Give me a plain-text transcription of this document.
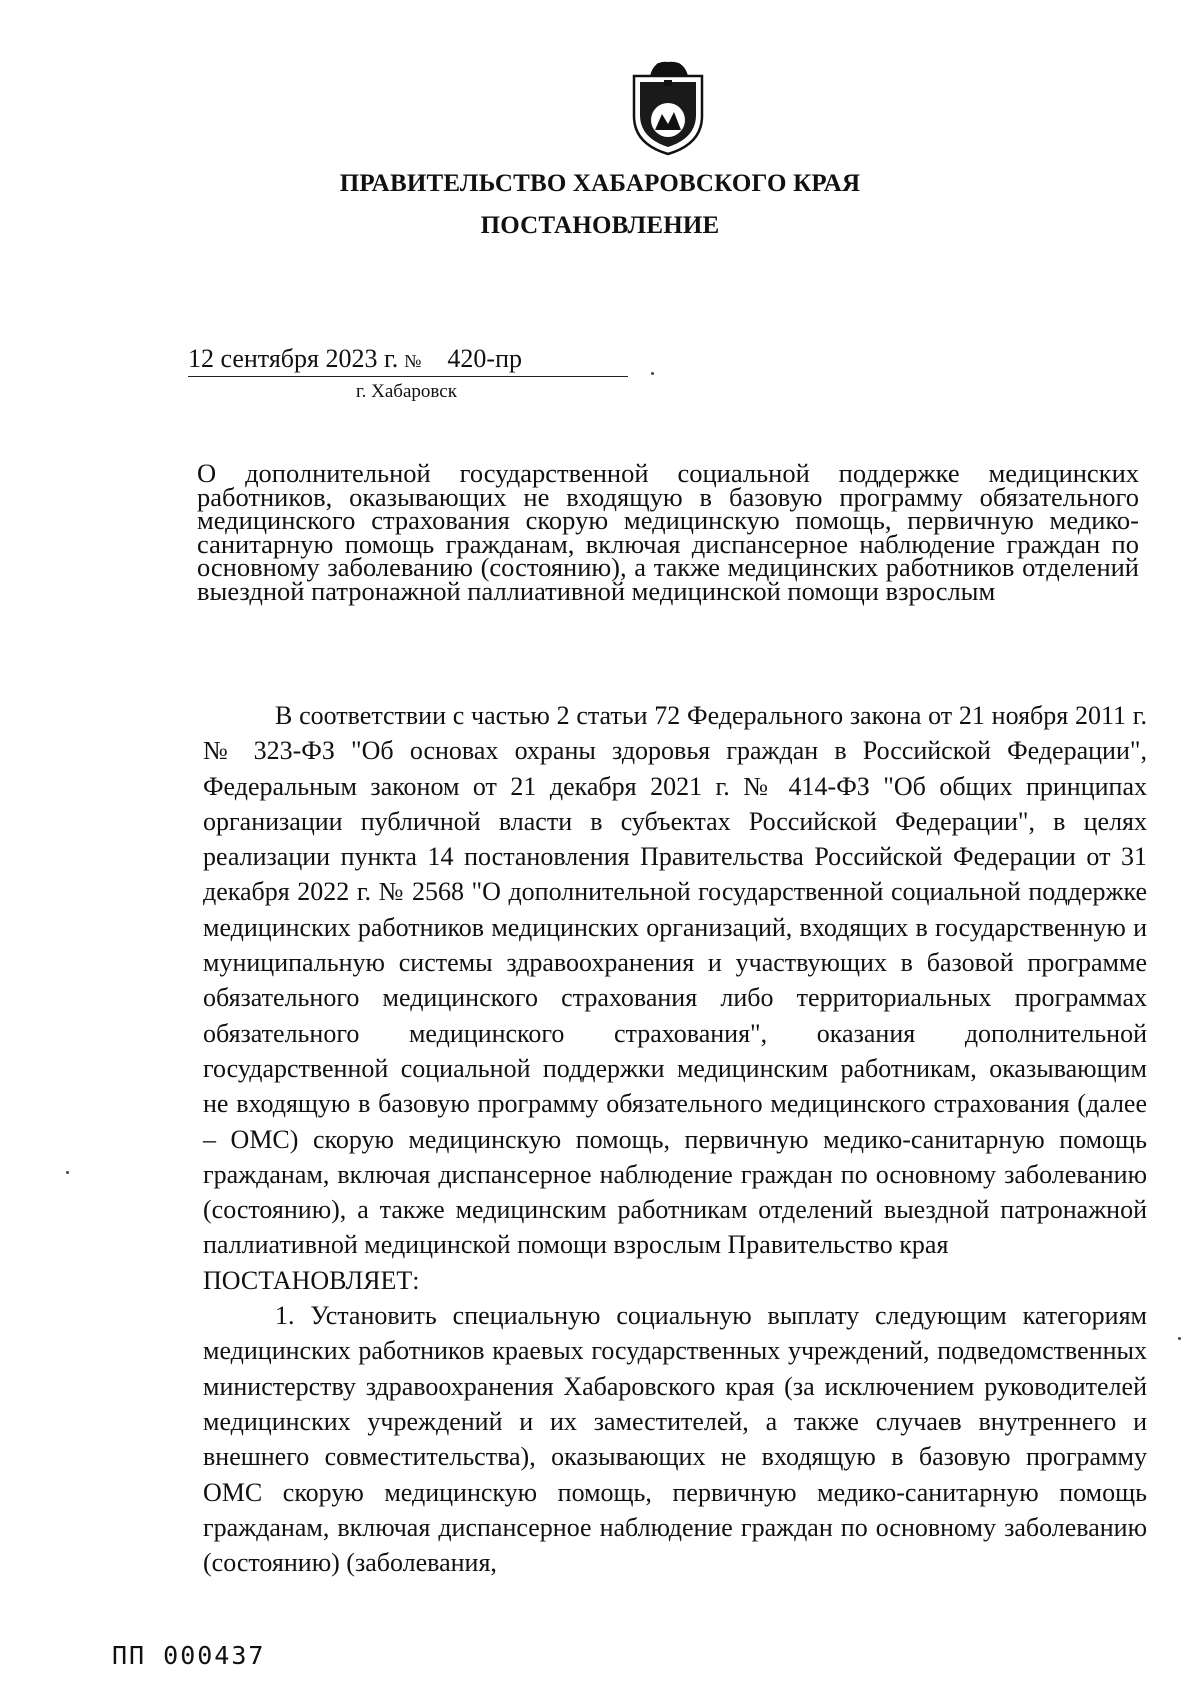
ПРАВИТЕЛЬСТВО ХАБАРОВСКОГО КРАЯ
ПОСТАНОВЛЕНИЕ
12 сентября 2023 г. № 420-пр
г. Хабаровск
О дополнительной государственной социальной поддержке медицинских работников, оказывающих не входящую в базовую программу обязательного медицинского страхования скорую медицинскую помощь, первичную медико-санитарную помощь гражданам, включая диспансерное наблюдение граждан по основному заболеванию (состоянию), а также медицинских работников отделений выездной патронажной паллиативной медицинской помощи взрослым

В соответствии с частью 2 статьи 72 Федерального закона от 21 ноября 2011 г. № 323-ФЗ "Об основах охраны здоровья граждан в Российской Федерации", Федеральным законом от 21 декабря 2021 г. № 414-ФЗ "Об общих принципах организации публичной власти в субъектах Российской Федерации", в целях реализации пункта 14 постановления Правительства Российской Федерации от 31 декабря 2022 г. № 2568 "О дополнительной государственной социальной поддержке медицинских работников медицинских организаций, входящих в государственную и муниципальную системы здравоохранения и участвующих в базовой программе обязательного медицинского страхования либо территориальных программах обязательного медицинского страхования", оказания дополнительной государственной социальной поддержки медицинским работникам, оказывающим не входящую в базовую программу обязательного медицинского страхования (далее – ОМС) скорую медицинскую помощь, первичную медико-санитарную помощь гражданам, включая диспансерное наблюдение граждан по основному заболеванию (состоянию), а также медицинским работникам отделений выездной патронажной паллиативной медицинской помощи взрослым Правительство края

ПОСТАНОВЛЯЕТ:

1. Установить специальную социальную выплату следующим категориям медицинских работников краевых государственных учреждений, подведомственных министерству здравоохранения Хабаровского края (за исключением руководителей медицинских учреждений и их заместителей, а также случаев внутреннего и внешнего совместительства), оказывающих не входящую в базовую программу ОМС скорую медицинскую помощь, первичную медико-санитарную помощь гражданам, включая диспансерное наблюдение граждан по основному заболеванию (состоянию) (заболевания,

ПП 000437
